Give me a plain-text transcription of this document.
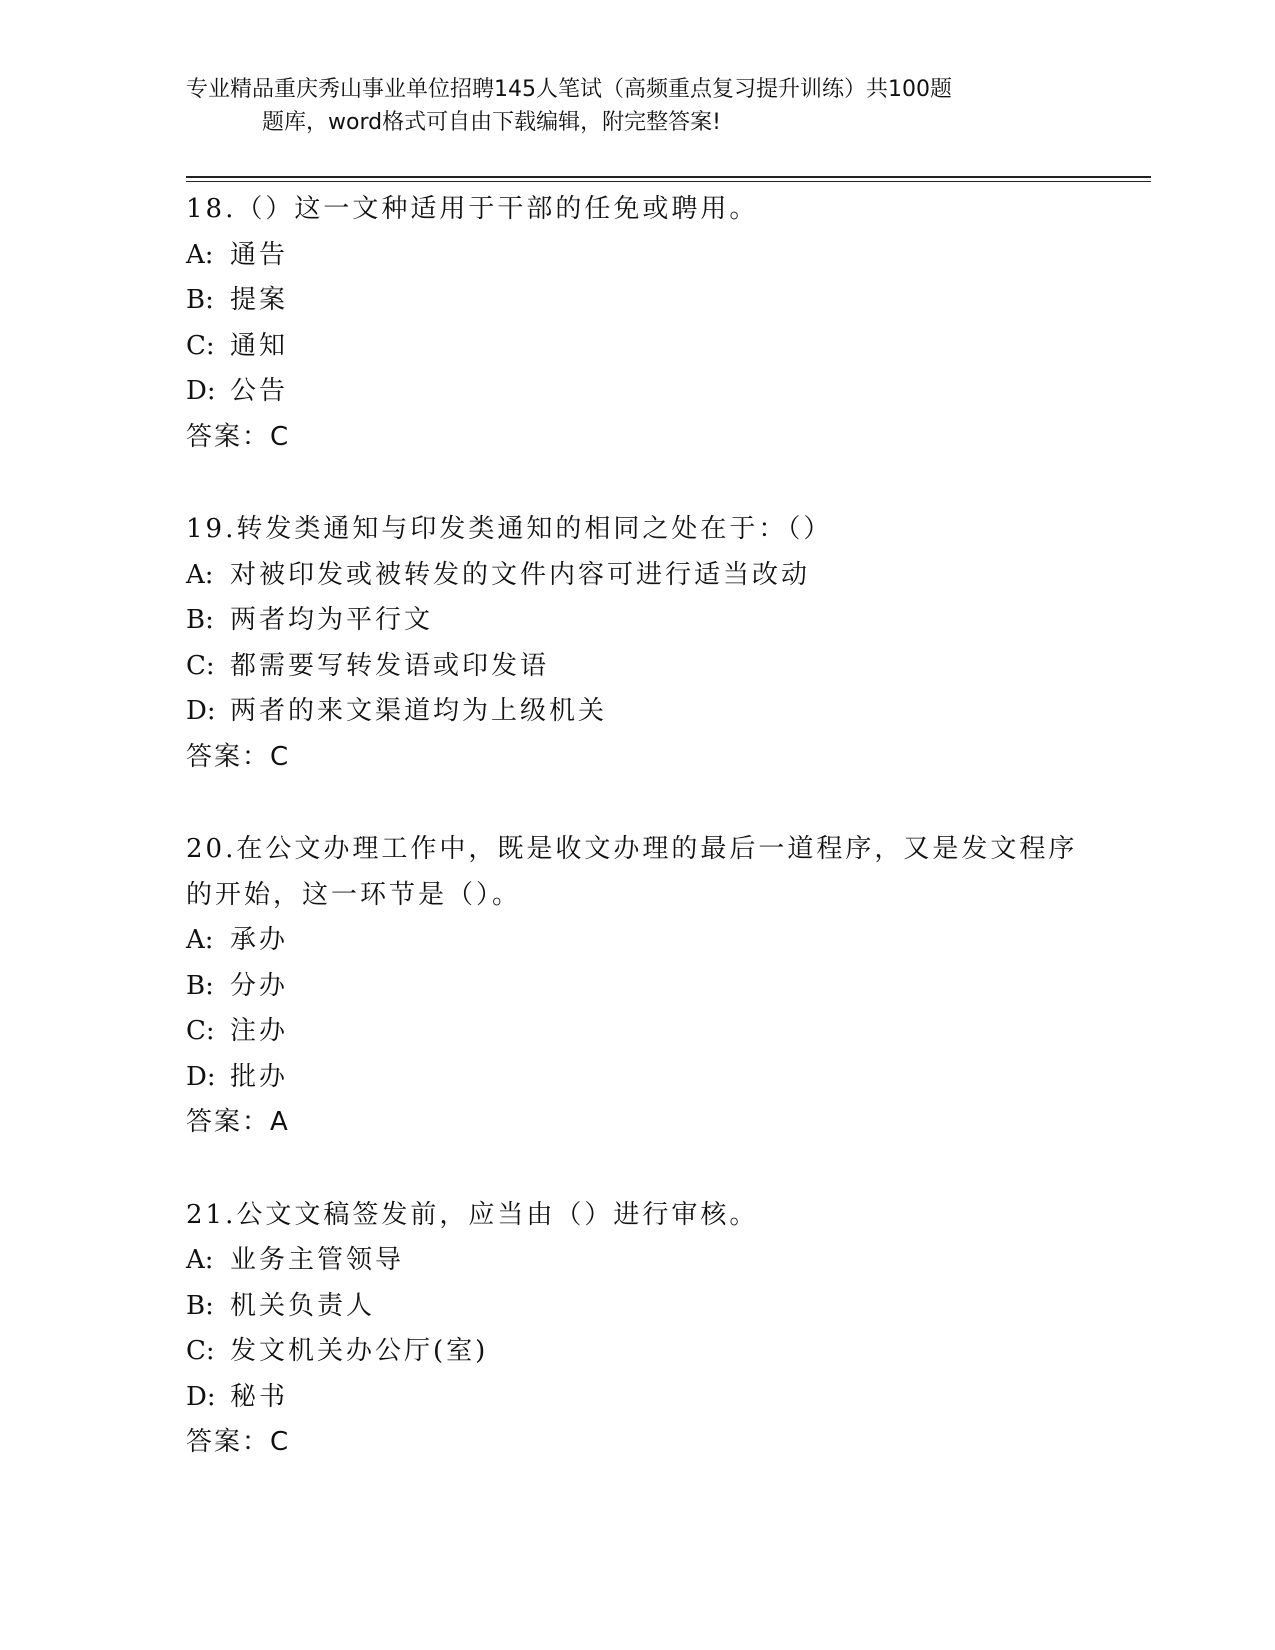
专业精品重庆秀山事业单位招聘145人笔试（高频重点复习提升训练）共100题
题库，word格式可自由下载编辑，附完整答案!
18.（）这一文种适用于干部的任免或聘用。
A: 通告
B: 提案
C: 通知
D: 公告
答案：C
19.转发类通知与印发类通知的相同之处在于：（）
A: 对被印发或被转发的文件内容可进行适当改动
B: 两者均为平行文
C: 都需要写转发语或印发语
D: 两者的来文渠道均为上级机关
答案：C
20.在公文办理工作中，既是收文办理的最后一道程序，又是发文程序的开始，这一环节是（）。
A: 承办
B: 分办
C: 注办
D: 批办
答案：A
21.公文文稿签发前，应当由（）进行审核。
A: 业务主管领导
B: 机关负责人
C: 发文机关办公厅(室)
D: 秘书
答案：C
